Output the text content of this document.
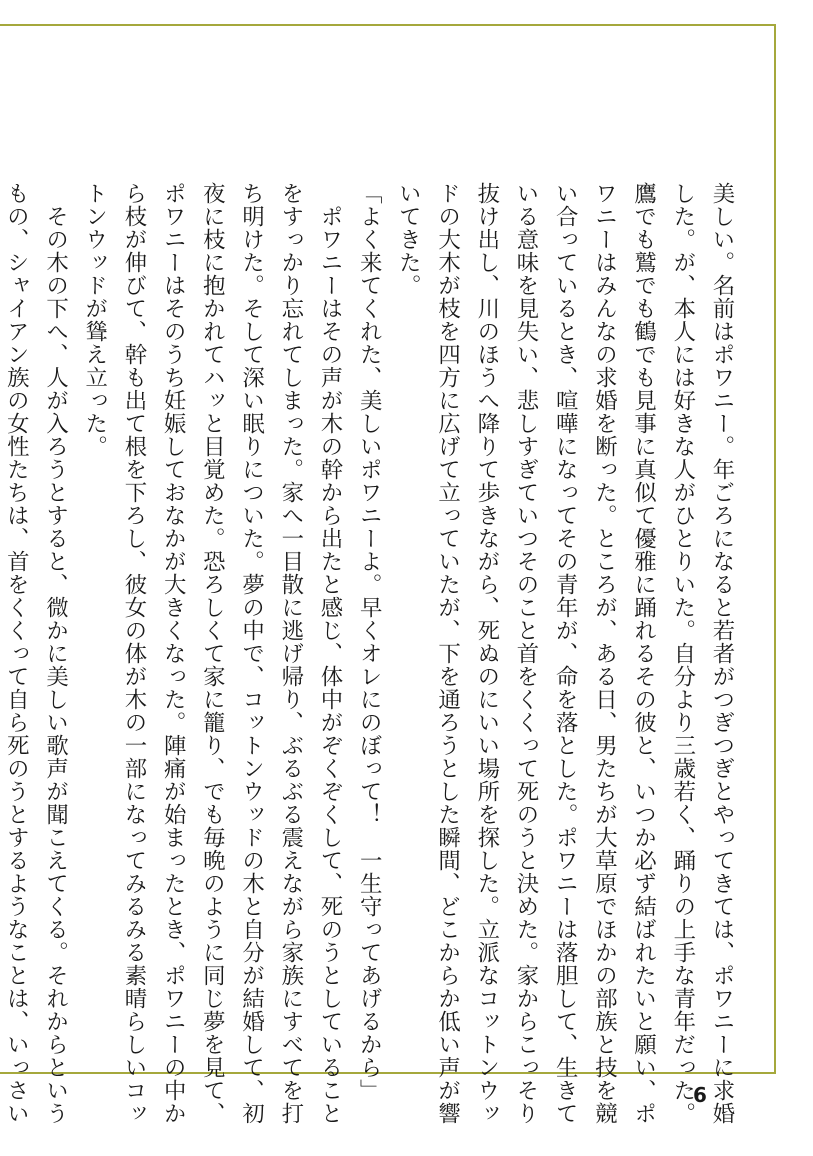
美しい。名前はポワニー。年ごろになると若者がつぎつぎとやってきては、ポワニーに求婚

した。が、本人には好きな人がひとりいた。自分より三歳若く、踊りの上手な青年だった。

鷹でも鷲でも鶴でも見事に真似て優雅に踊れるその彼と、いつか必ず結ばれたいと願い、ポ

ワニーはみんなの求婚を断った。ところが、ある日、男たちが大草原でほかの部族と技を競

い合っているとき、喧嘩になってその青年が、命を落とした。ポワニーは落胆して、生きて

いる意味を見失い、悲しすぎていつそのこと首をくくって死のうと決めた。家からこっそり

抜け出し、川のほうへ降りて歩きながら、死ぬのにいい場所を探した。立派なコットンウッ

ドの大木が枝を四方に広げて立っていたが、下を通ろうとした瞬間、どこからか低い声が響

いてきた。

「よく来てくれた、美しいポワニーよ。早くオレにのぼって！　一生守ってあげるから」

　ポワニーはその声が木の幹から出たと感じ、体中がぞくぞくして、死のうとしていること

をすっかり忘れてしまった。家へ一目散に逃げ帰り、ぶるぶる震えながら家族にすべてを打

ち明けた。そして深い眠りについた。夢の中で、コットンウッドの木と自分が結婚して、初

夜に枝に抱かれてハッと目覚めた。恐ろしくて家に籠り、でも毎晩のように同じ夢を見て、

ポワニーはそのうち妊娠しておなかが大きくなった。陣痛が始まったとき、ポワニーの中か

ら枝が伸びて、幹も出て根を下ろし、彼女の体が木の一部になってみるみる素晴らしいコッ

トンウッドが聳え立った。

　その木の下へ、人が入ろうとすると、微かに美しい歌声が聞こえてくる。それからという

もの、シャイアン族の女性たちは、首をくくって自ら死のうとするようなことは、いっさい	6
